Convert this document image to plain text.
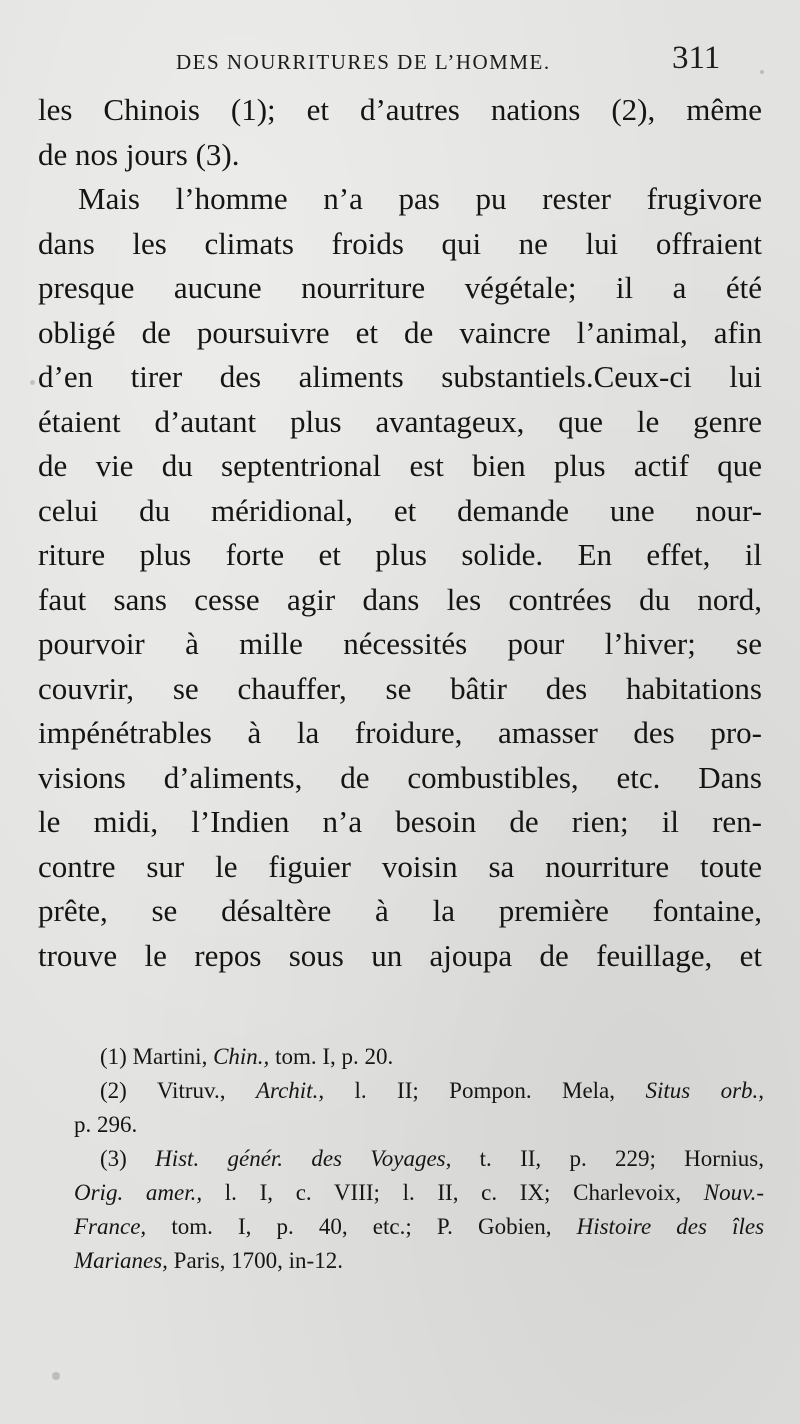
DES NOURRITURES DE L’HOMME.	311
les Chinois (1); et d’autres nations (2), même
de nos jours (3).
Mais l’homme n’a pas pu rester frugivore
dans les climats froids qui ne lui offraient
presque aucune nourriture végétale; il a été
obligé de poursuivre et de vaincre l’animal, afin
d’en tirer des aliments substantiels.Ceux-ci lui
étaient d’autant plus avantageux, que le genre
de vie du septentrional est bien plus actif que
celui du méridional, et demande une nour-
riture plus forte et plus solide. En effet, il
faut sans cesse agir dans les contrées du nord,
pourvoir à mille nécessités pour l’hiver; se
couvrir, se chauffer, se bâtir des habitations
impénétrables à la froidure, amasser des pro-
visions d’aliments, de combustibles, etc. Dans
le midi, l’Indien n’a besoin de rien; il ren-
contre sur le figuier voisin sa nourriture toute
prête, se désaltère à la première fontaine,
trouve le repos sous un ajoupa de feuillage, et
(1) Martini, Chin., tom. I, p. 20.
(2) Vitruv., Archit., l. II; Pompon. Mela, Situs orb.,
p. 296.
(3) Hist. génér. des Voyages, t. II, p. 229; Hornius,
Orig. amer., l. I, c. VIII; l. II, c. IX; Charlevoix, Nouv.-
France, tom. I, p. 40, etc.; P. Gobien, Histoire des îles
Marianes, Paris, 1700, in-12.
